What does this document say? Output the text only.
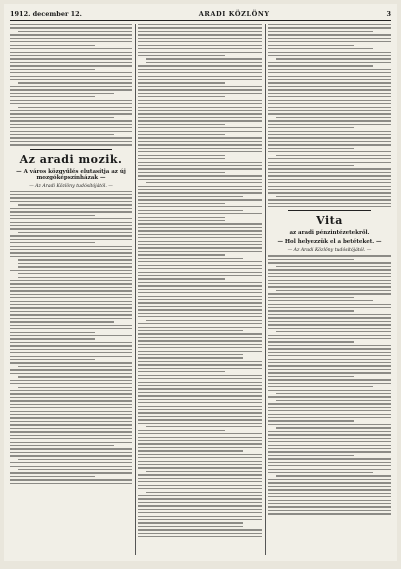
1912. december 12.	ARADI KÖZLÖNY	3
Az aradi mozik.
— A város közgyűlés elutasítja az új mozgóképszínházak —
— Az Aradi Közlöny tudósítójától. —
Vita
az aradi pénzintézetekről.
— Hol helyezzük el a betéteket. —
— Az Aradi Közlöny tudósítójától. —
